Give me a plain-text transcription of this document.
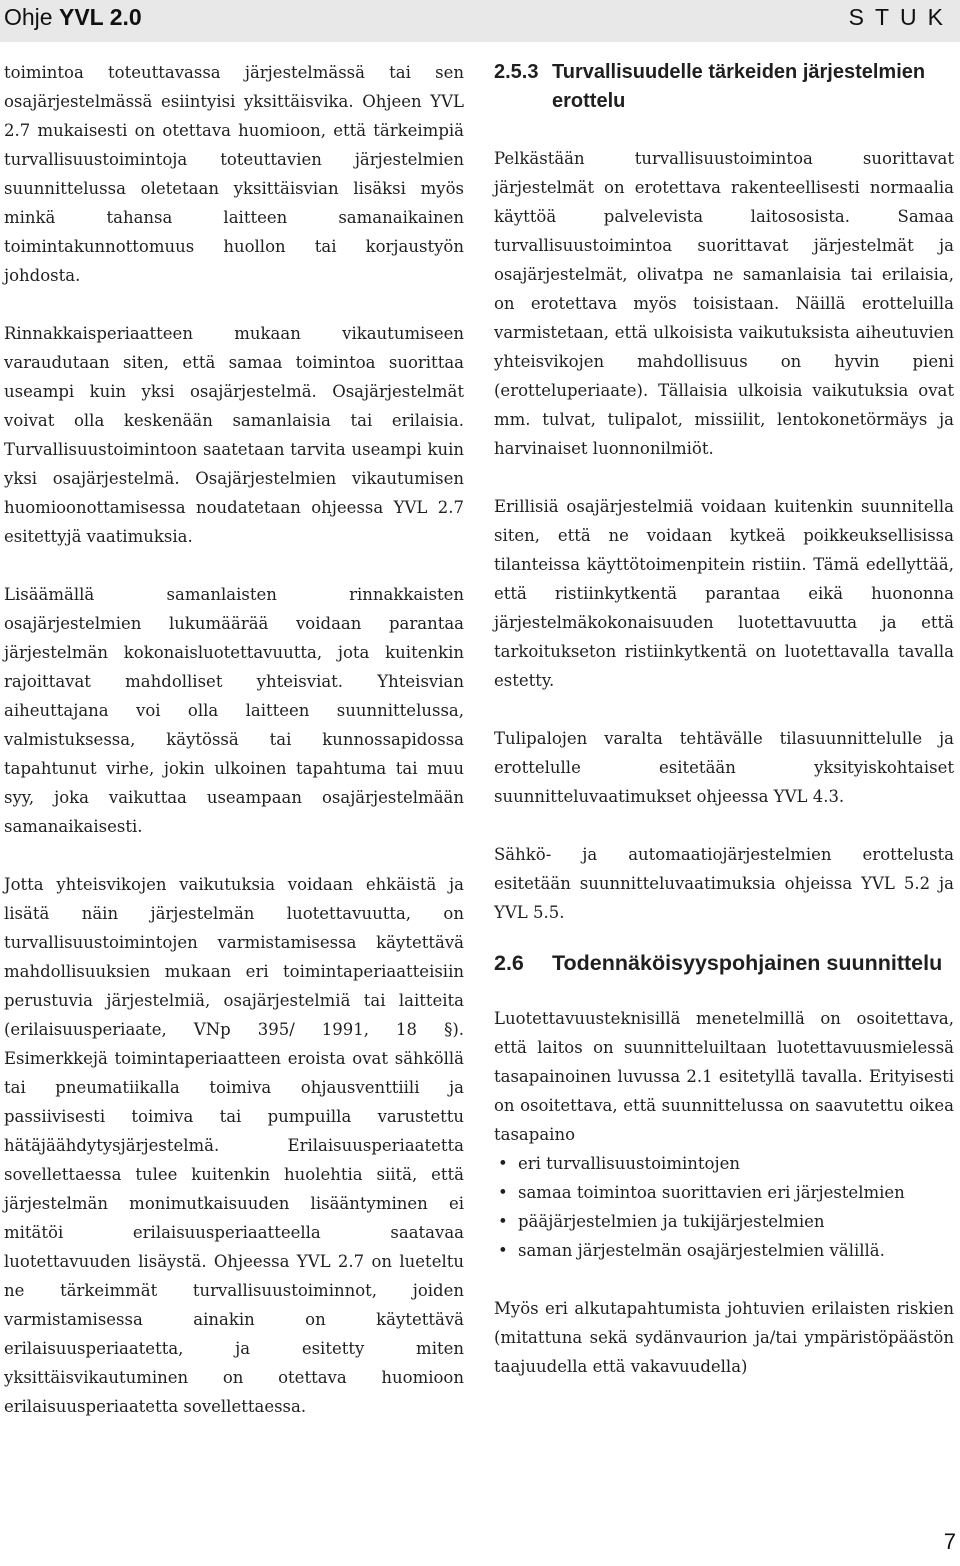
Ohje YVL 2.0	STUK

toimintoa toteuttavassa järjestelmässä tai sen osajärjestelmässä esiintyisi yksittäisvika. Ohjeen YVL 2.7 mukaisesti on otettava huomioon, että tärkeimpiä turvallisuustoimintoja toteuttavien järjestelmien suunnittelussa oletetaan yksittäisvian lisäksi myös minkä tahansa laitteen samanaikainen toimintakunnottomuus huollon tai korjaustyön johdosta.

Rinnakkaisperiaatteen mukaan vikautumiseen varaudutaan siten, että samaa toimintoa suorittaa useampi kuin yksi osajärjestelmä. Osajärjestelmät voivat olla keskenään samanlaisia tai erilaisia. Turvallisuustoimintoon saatetaan tarvita useampi kuin yksi osajärjestelmä. Osajärjestelmien vikautumisen huomioonottamisessa noudatetaan ohjeessa YVL 2.7 esitettyjä vaatimuksia.

Lisäämällä samanlaisten rinnakkaisten osajärjestelmien lukumäärää voidaan parantaa järjestelmän kokonaisluotettavuutta, jota kuitenkin rajoittavat mahdolliset yhteisviat. Yhteisvian aiheuttajana voi olla laitteen suunnittelussa, valmistuksessa, käytössä tai kunnossapidossa tapahtunut virhe, jokin ulkoinen tapahtuma tai muu syy, joka vaikuttaa useampaan osajärjestelmään samanaikaisesti.

Jotta yhteisvikojen vaikutuksia voidaan ehkäistä ja lisätä näin järjestelmän luotettavuutta, on turvallisuustoimintojen varmistamisessa käytettävä mahdollisuuksien mukaan eri toimintaperiaatteisiin perustuvia järjestelmiä, osajärjestelmiä tai laitteita (erilaisuusperiaate, VNp 395/ 1991, 18 §). Esimerkkejä toimintaperiaatteen eroista ovat sähköllä tai pneumatiikalla toimiva ohjausventtiili ja passiivisesti toimiva tai pumpuilla varustettu hätäjäähdytysjärjestelmä. Erilaisuusperiaatetta sovellettaessa tulee kuitenkin huolehtia siitä, että järjestelmän monimutkaisuuden lisääntyminen ei mitätöi erilaisuusperiaatteella saatavaa luotettavuuden lisäystä. Ohjeessa YVL 2.7 on lueteltu ne tärkeimmät turvallisuustoiminnot, joiden varmistamisessa ainakin on käytettävä erilaisuusperiaatetta, ja esitetty miten yksittäisvikautuminen on otettava huomioon erilaisuusperiaatetta sovellettaessa.

2.5.3 Turvallisuudelle tärkeiden järjestelmien erottelu

Pelkästään turvallisuustoimintoa suorittavat järjestelmät on erotettava rakenteellisesti normaalia käyttöä palvelevista laitososista. Samaa turvallisuustoimintoa suorittavat järjestelmät ja osajärjestelmät, olivatpa ne samanlaisia tai erilaisia, on erotettava myös toisistaan. Näillä erotteluilla varmistetaan, että ulkoisista vaikutuksista aiheutuvien yhteisvikojen mahdollisuus on hyvin pieni (erotteluperiaate). Tällaisia ulkoisia vaikutuksia ovat mm. tulvat, tulipalot, missiilit, lentokonetörmäys ja harvinaiset luonnonilmiöt.

Erillisiä osajärjestelmiä voidaan kuitenkin suunnitella siten, että ne voidaan kytkeä poikkeuksellisissa tilanteissa käyttötoimenpitein ristiin. Tämä edellyttää, että ristiinkytkentä parantaa eikä huononna järjestelmäkokonaisuuden luotettavuutta ja että tarkoitukseton ristiinkytkentä on luotettavalla tavalla estetty.

Tulipalojen varalta tehtävälle tilasuunnittelulle ja erottelulle esitetään yksityiskohtaiset suunnitteluvaatimukset ohjeessa YVL 4.3.

Sähkö- ja automaatiojärjestelmien erottelusta esitetään suunnitteluvaatimuksia ohjeissa YVL 5.2 ja YVL 5.5.

2.6	Todennäköisyyspohjainen suunnittelu

Luotettavuusteknisillä menetelmillä on osoitettava, että laitos on suunnitteluiltaan luotettavuusmielessä tasapainoinen luvussa 2.1 esitetyllä tavalla. Erityisesti on osoitettava, että suunnittelussa on saavutettu oikea tasapaino

• eri turvallisuustoimintojen
• samaa toimintoa suorittavien eri järjestelmien
• pääjärjestelmien ja tukijärjestelmien
• saman järjestelmän osajärjestelmien välillä.

Myös eri alkutapahtumista johtuvien erilaisten riskien (mitattuna sekä sydänvaurion ja/tai ympäristöpäästön taajuudella että vakavuudella)

7
